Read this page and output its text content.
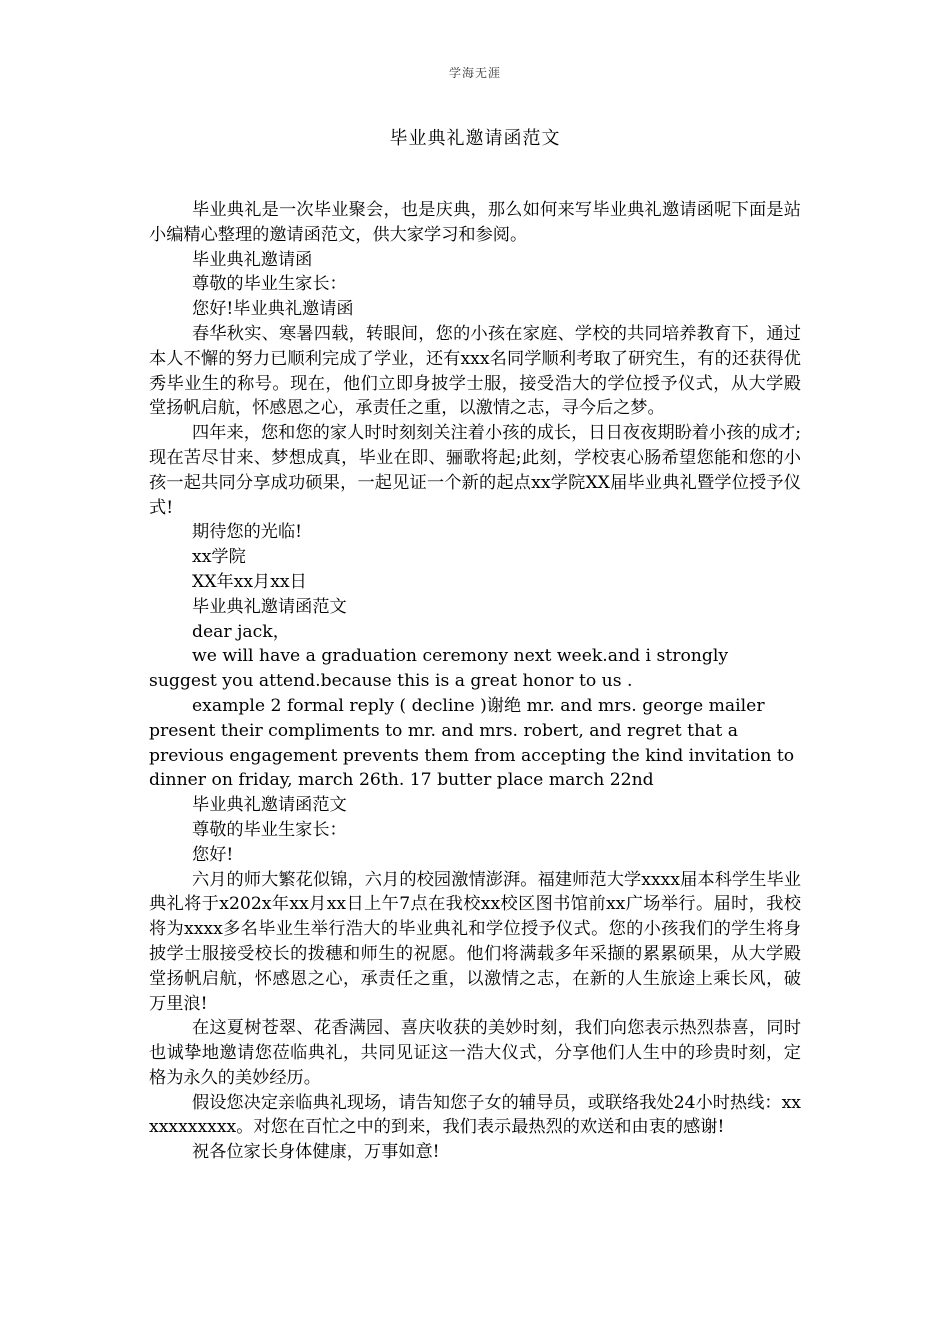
学海无涯
毕业典礼邀请函范文

毕业典礼是一次毕业聚会，也是庆典，那么如何来写毕业典礼邀请函呢下面是站小编精心整理的邀请函范文，供大家学习和参阅。

毕业典礼邀请函

尊敬的毕业生家长：

您好!毕业典礼邀请函

春华秋实、寒暑四载，转眼间，您的小孩在家庭、学校的共同培养教育下，通过本人不懈的努力已顺利完成了学业，还有xxx名同学顺利考取了研究生，有的还获得优秀毕业生的称号。现在，他们立即身披学士服，接受浩大的学位授予仪式，从大学殿堂扬帆启航，怀感恩之心，承责任之重，以激情之志，寻今后之梦。

四年来，您和您的家人时时刻刻关注着小孩的成长，日日夜夜期盼着小孩的成才;现在苦尽甘来、梦想成真，毕业在即、骊歌将起;此刻，学校衷心肠希望您能和您的小孩一起共同分享成功硕果，一起见证一个新的起点xx学院XX届毕业典礼暨学位授予仪式!

期待您的光临!

xx学院

XX年xx月xx日

毕业典礼邀请函范文

dear jack，

we will have a graduation ceremony next week.and i strongly suggest you attend.because this is a great honor to us .

example 2 formal reply ( decline )谢绝 mr. and mrs. george mailer present their compliments to mr. and mrs. robert, and regret that a previous engagement prevents them from accepting the kind invitation to dinner on friday, march 26th. 17 butter place march 22nd

毕业典礼邀请函范文

尊敬的毕业生家长：

您好!

六月的师大繁花似锦，六月的校园激情澎湃。福建师范大学xxxx届本科学生毕业典礼将于x202x年xx月xx日上午7点在我校xx校区图书馆前xx广场举行。届时，我校将为xxxx多名毕业生举行浩大的毕业典礼和学位授予仪式。您的小孩我们的学生将身披学士服接受校长的拨穗和师生的祝愿。他们将满载多年采撷的累累硕果，从大学殿堂扬帆启航，怀感恩之心，承责任之重，以激情之志，在新的人生旅途上乘长风，破万里浪!

在这夏树苍翠、花香满园、喜庆收获的美妙时刻，我们向您表示热烈恭喜，同时也诚挚地邀请您莅临典礼，共同见证这一浩大仪式，分享他们人生中的珍贵时刻，定格为永久的美妙经历。

假设您决定亲临典礼现场，请告知您子女的辅导员，或联络我处24小时热线：xxxxxxxxxxx。对您在百忙之中的到来，我们表示最热烈的欢送和由衷的感谢!

祝各位家长身体健康，万事如意!
